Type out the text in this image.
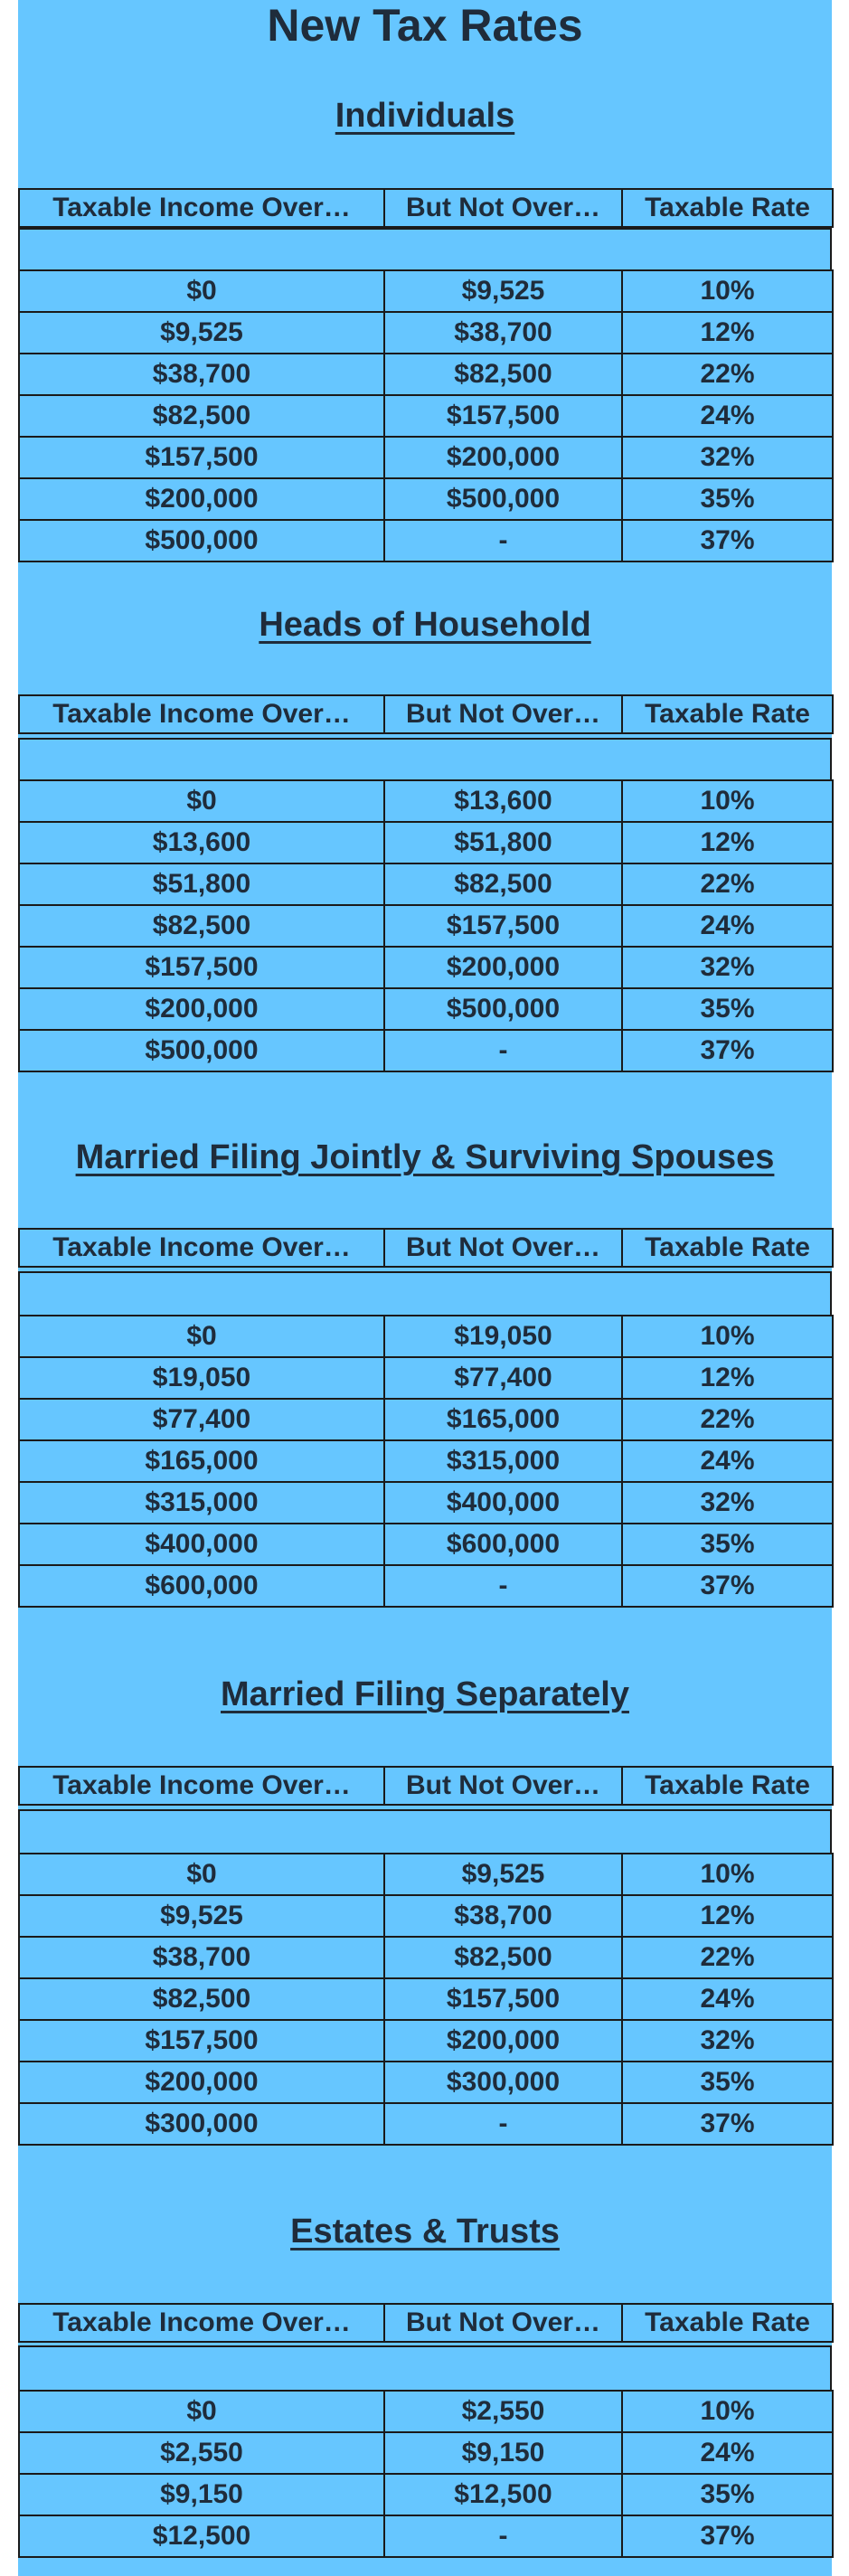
New Tax Rates
Individuals
Taxable Income Over…	But Not Over…	Taxable Rate
$0	$9,525	10%
$9,525	$38,700	12%
$38,700	$82,500	22%
$82,500	$157,500	24%
$157,500	$200,000	32%
$200,000	$500,000	35%
$500,000	-	37%
Heads of Household
Taxable Income Over…	But Not Over…	Taxable Rate
$0	$13,600	10%
$13,600	$51,800	12%
$51,800	$82,500	22%
$82,500	$157,500	24%
$157,500	$200,000	32%
$200,000	$500,000	35%
$500,000	-	37%
Married Filing Jointly & Surviving Spouses
Taxable Income Over…	But Not Over…	Taxable Rate
$0	$19,050	10%
$19,050	$77,400	12%
$77,400	$165,000	22%
$165,000	$315,000	24%
$315,000	$400,000	32%
$400,000	$600,000	35%
$600,000	-	37%
Married Filing Separately
Taxable Income Over…	But Not Over…	Taxable Rate
$0	$9,525	10%
$9,525	$38,700	12%
$38,700	$82,500	22%
$82,500	$157,500	24%
$157,500	$200,000	32%
$200,000	$300,000	35%
$300,000	-	37%
Estates & Trusts
Taxable Income Over…	But Not Over…	Taxable Rate
$0	$2,550	10%
$2,550	$9,150	24%
$9,150	$12,500	35%
$12,500	-	37%
